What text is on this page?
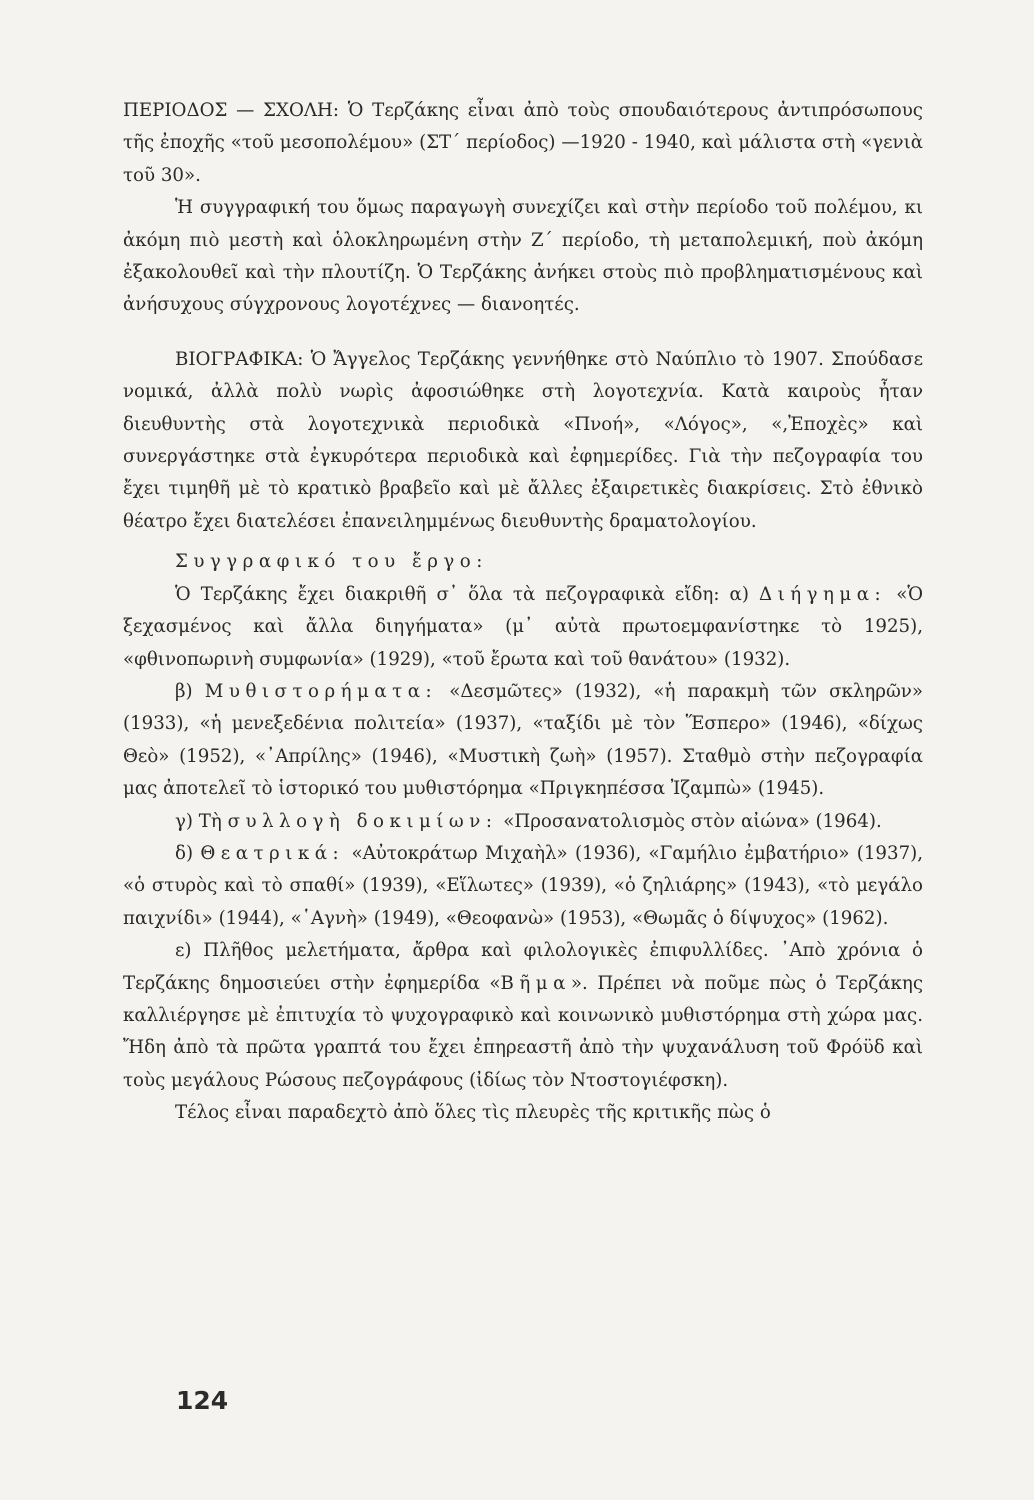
ΠΕΡΙΟΔΟΣ — ΣΧΟΛΗ: Ὁ Τερζάκης εἶναι ἀπὸ τοὺς σπουδαιότερους ἀντιπρόσωπους τῆς ἐποχῆς «τοῦ μεσοπολέμου» (ΣΤ΄ περίοδος) —1920 - 1940, καὶ μάλιστα στὴ «γενιὰ τοῦ 30».

Ἡ συγγραφική του ὅμως παραγωγὴ συνεχίζει καὶ στὴν περίοδο τοῦ πολέμου, κι ἀκόμη πιὸ μεστὴ καὶ ὁλοκληρωμένη στὴν Ζ΄ περίοδο, τὴ μεταπολεμική, ποὺ ἀκόμη ἐξακολουθεῖ καὶ τὴν πλουτίζη. Ὁ Τερζάκης ἀνήκει στοὺς πιὸ προβληματισμένους καὶ ἀνήσυχους σύγχρονους λογοτέχνες — διανοητές.

ΒΙΟΓΡΑΦΙΚΑ: Ὁ Ἄγγελος Τερζάκης γεννήθηκε στὸ Ναύπλιο τὸ 1907. Σπούδασε νομικά, ἀλλὰ πολὺ νωρὶς ἀφοσιώθηκε στὴ λογοτεχνία. Κατὰ καιροὺς ἦταν διευθυντὴς στὰ λογοτεχνικὰ περιοδικὰ «Πνοή», «Λόγος», «,Ἐποχὲς» καὶ συνεργάστηκε στὰ ἐγκυρότερα περιοδικὰ καὶ ἐφημερίδες. Γιὰ τὴν πεζογραφία του ἔχει τιμηθῆ μὲ τὸ κρατικὸ βραβεῖο καὶ μὲ ἄλλες ἐξαιρετικὲς διακρίσεις. Στὸ ἐθνικὸ θέατρο ἔχει διατελέσει ἐπανειλημμένως διευθυντὴς δραματολογίου.

Συγγραφικό του ἔργο:

Ὁ Τερζάκης ἔχει διακριθῆ σ᾽ ὅλα τὰ πεζογραφικὰ εἴδη: α) Διήγημα: «Ὁ ξεχασμένος καὶ ἄλλα διηγήματα» (μ᾽ αὐτὰ πρωτοεμφανίστηκε τὸ 1925), «φθινοπωρινὴ συμφωνία» (1929), «τοῦ ἔρωτα καὶ τοῦ θανάτου» (1932).

β) Μυθιστορήματα: «Δεσμῶτες» (1932), «ἡ παρακμὴ τῶν σκληρῶν» (1933), «ἡ μενεξεδένια πολιτεία» (1937), «ταξίδι μὲ τὸν Ἕσπερο» (1946), «δίχως Θεὸ» (1952), «᾽Απρίλης» (1946), «Μυστικὴ ζωὴ» (1957). Σταθμὸ στὴν πεζογραφία μας ἀποτελεῖ τὸ ἱστορικό του μυθιστόρημα «Πριγκηπέσσα Ἰζαμπὼ» (1945).

γ) Τὴ συλλογὴ δοκιμίων: «Προσανατολισμὸς στὸν αἰώνα» (1964).

δ) Θεατρικά: «Αὐτοκράτωρ Μιχαὴλ» (1936), «Γαμήλιο ἐμβατήριο» (1937), «ὁ στυρὸς καὶ τὸ σπαθί» (1939), «Εἵλωτες» (1939), «ὁ ζηλιάρης» (1943), «τὸ μεγάλο παιχνίδι» (1944), «῾Αγνὴ» (1949), «Θεοφανὼ» (1953), «Θωμᾶς ὁ δίψυχος» (1962).

ε) Πλῆθος μελετήματα, ἄρθρα καὶ φιλολογικὲς ἐπιφυλλίδες. ᾽Απὸ χρόνια ὁ Τερζάκης δημοσιεύει στὴν ἐφημερίδα «Βῆμα». Πρέπει νὰ ποῦμε πὼς ὁ Τερζάκης καλλιέργησε μὲ ἐπιτυχία τὸ ψυχογραφικὸ καὶ κοινωνικὸ μυθιστόρημα στὴ χώρα μας. Ἤδη ἀπὸ τὰ πρῶτα γραπτά του ἔχει ἐπηρεαστῆ ἀπὸ τὴν ψυχανάλυση τοῦ Φρόϋδ καὶ τοὺς μεγάλους Ρώσους πεζογράφους (ἰδίως τὸν Ντοστογιέφσκη).

Τέλος εἶναι παραδεχτὸ ἀπὸ ὅλες τὶς πλευρὲς τῆς κριτικῆς πὼς ὁ

124
